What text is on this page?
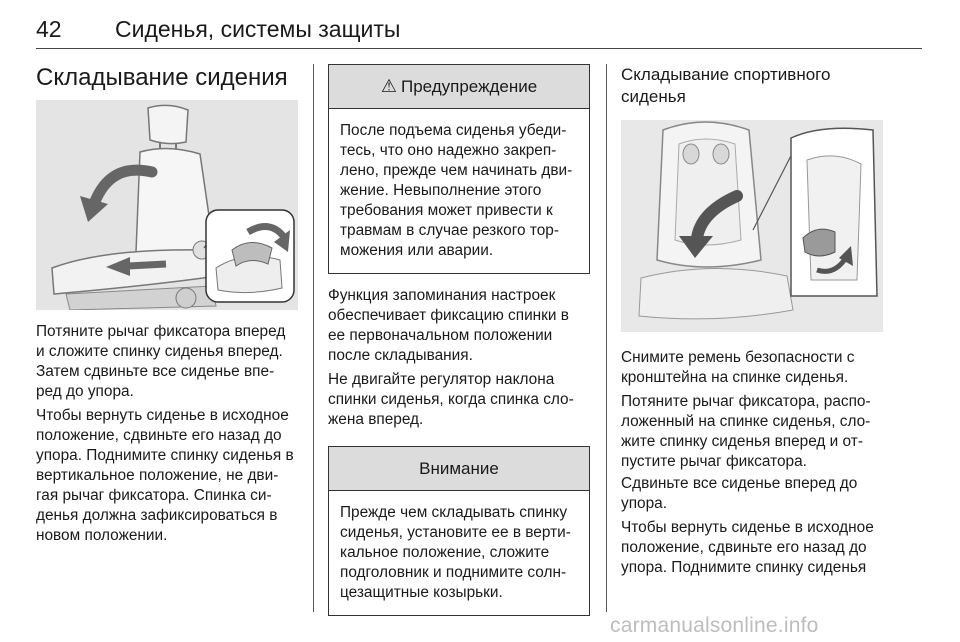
42 Сиденья, системы защиты
Складывание сидения

Потяните рычаг фиксатора вперед и сложите спинку сиденья вперед. Затем сдвиньте все сиденье впе‐ ред до упора.

Чтобы вернуть сиденье в исходное положение, сдвиньте его назад до упора. Поднимите спинку сиденья в вертикальное положение, не дви‐ гая рычаг фиксатора. Спинка си‐ денья должна зафиксироваться в новом положении.

⚠ Предупреждение

После подъема сиденья убеди‐ тесь, что оно надежно закреп‐ лено, прежде чем начинать дви‐ жение. Невыполнение этого требования может привести к травмам в случае резкого тор‐ можения или аварии.

Функция запоминания настроек обеспечивает фиксацию спинки в ее первоначальном положении после складывания.

Не двигайте регулятор наклона спинки сиденья, когда спинка сло‐ жена вперед.

Внимание

Прежде чем складывать спинку сиденья, установите ее в верти‐ кальное положение, сложите подголовник и поднимите солн‐ цезащитные козырьки.

Складывание спортивного сиденья

Снимите ремень безопасности с кронштейна на спинке сиденья.

Потяните рычаг фиксатора, распо‐ ложенный на спинке сиденья, сло‐ жите спинку сиденья вперед и от‐ пустите рычаг фиксатора.

Сдвиньте все сиденье вперед до упора.

Чтобы вернуть сиденье в исходное положение, сдвиньте его назад до упора. Поднимите спинку сиденья

carmanualsonline.info
